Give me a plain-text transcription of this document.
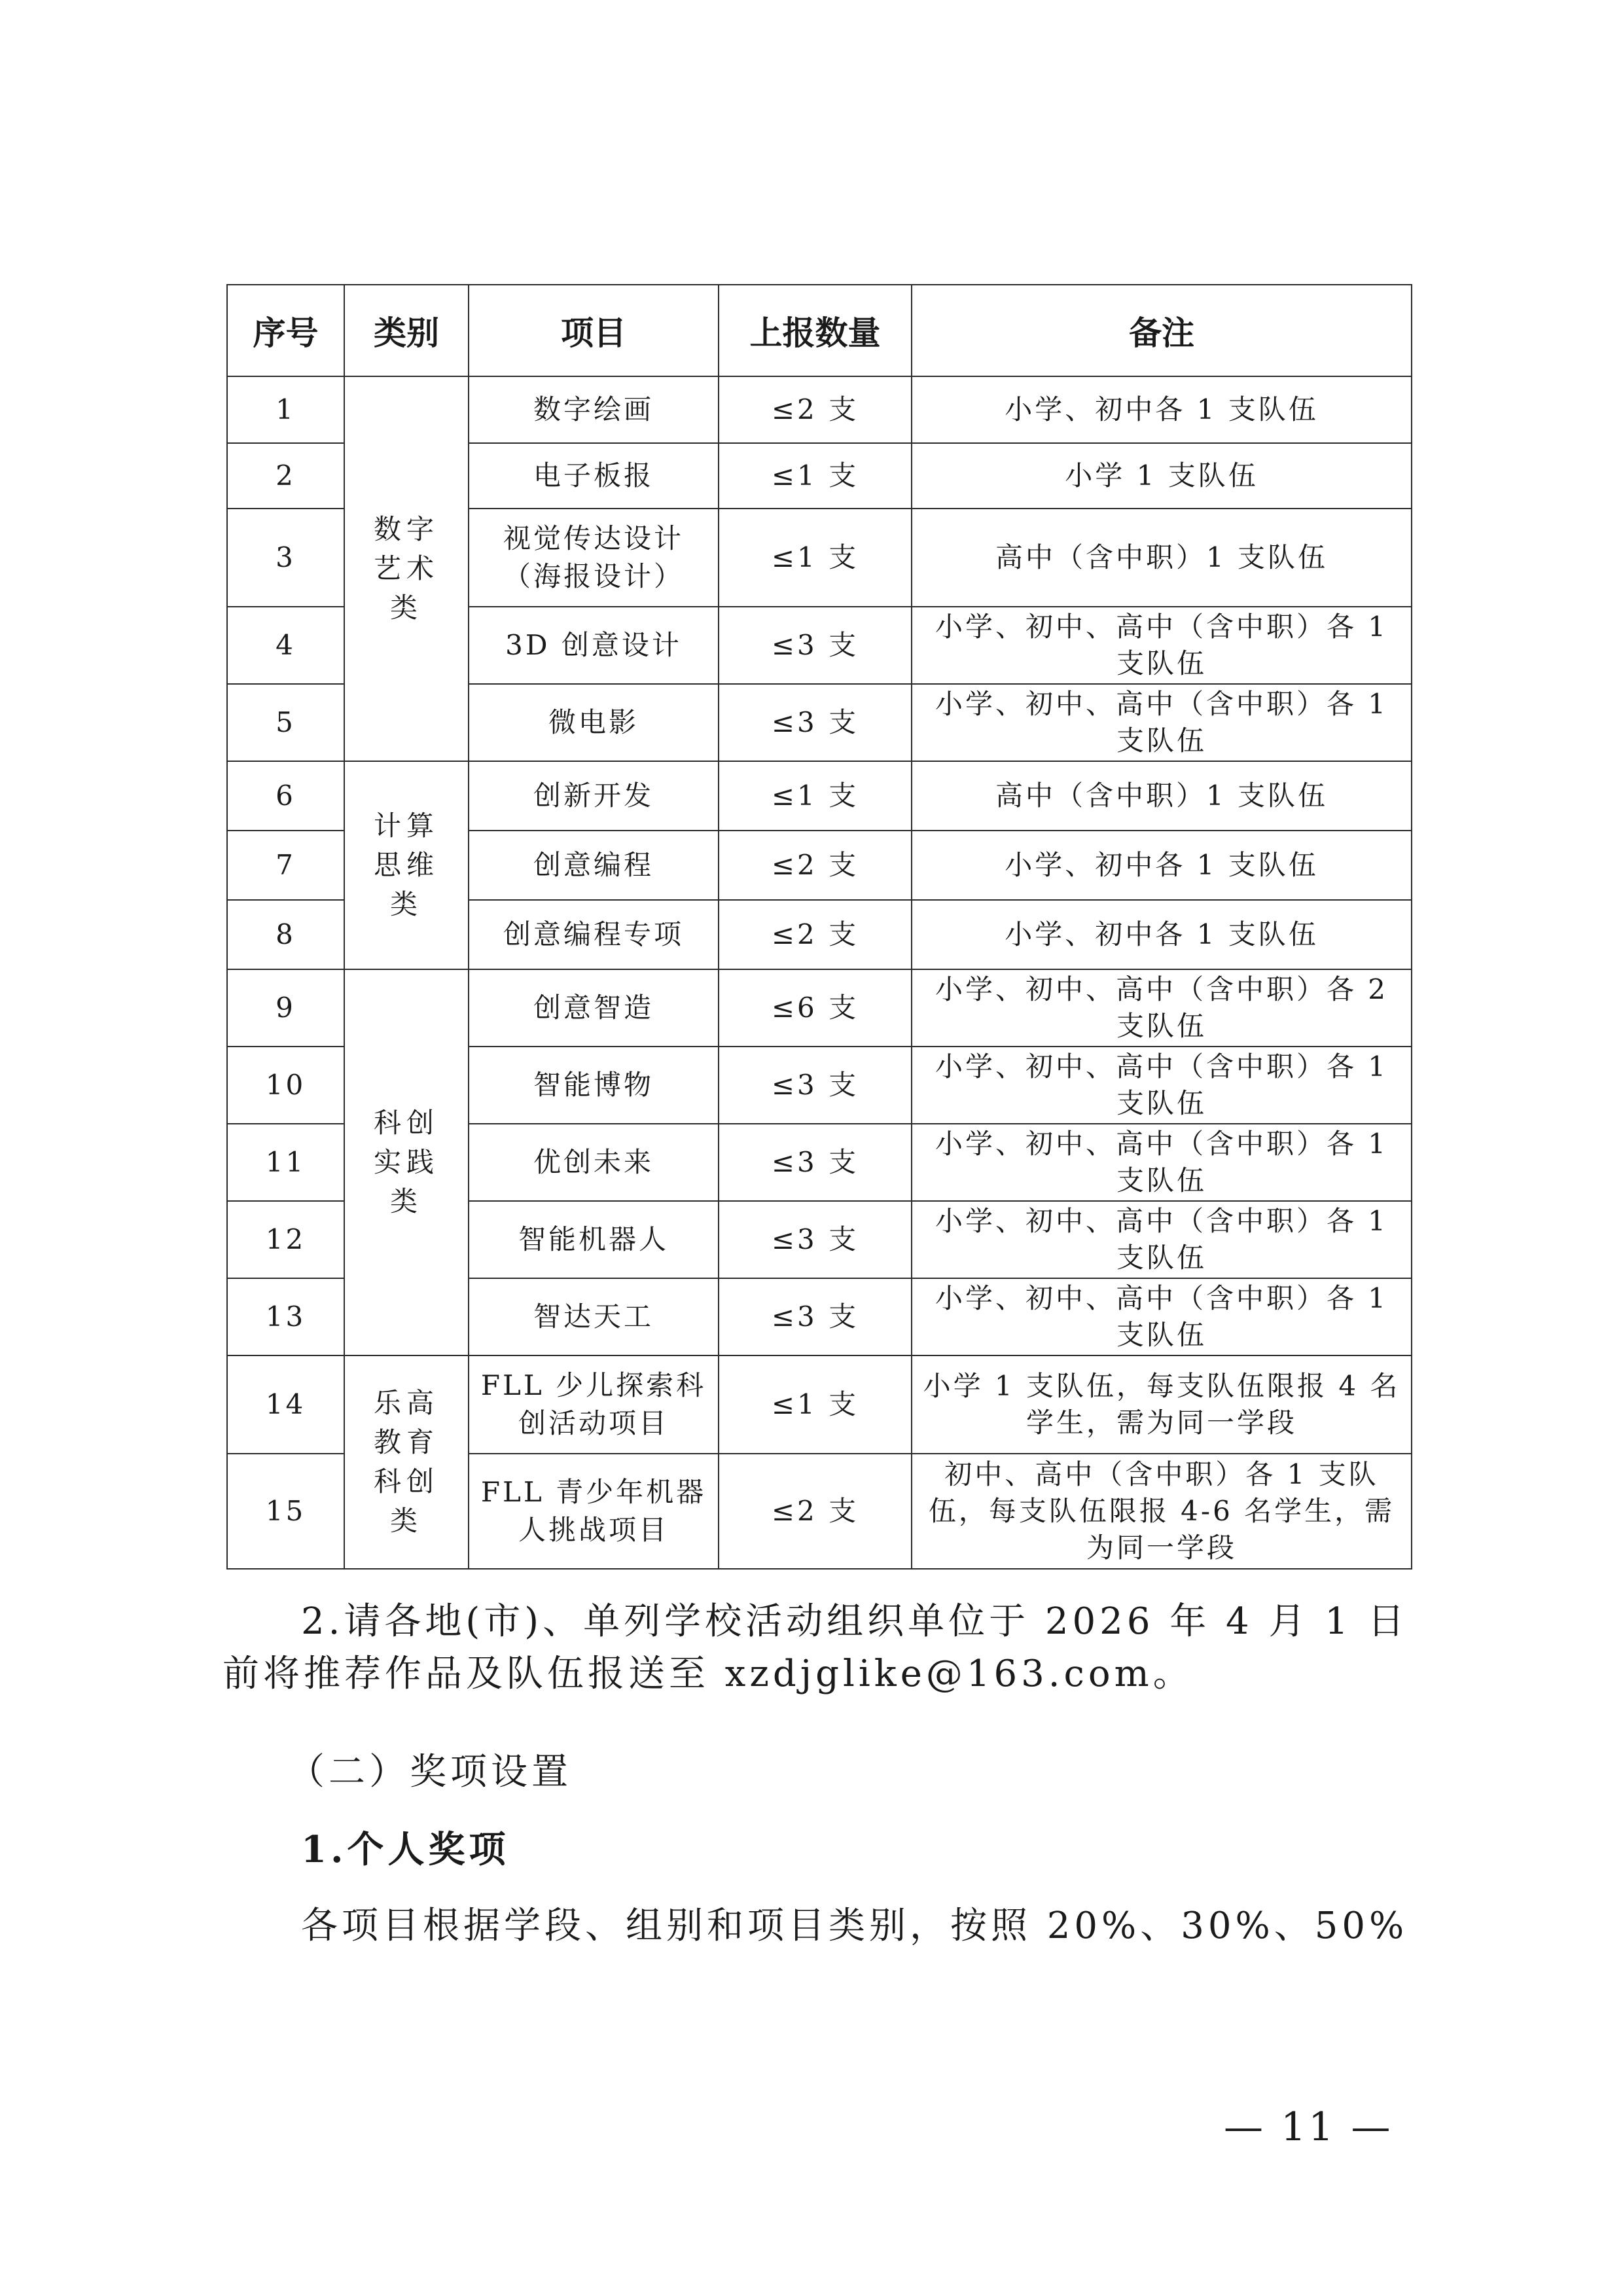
序号	类别	项目	上报数量	备注
1	数字艺术类	数字绘画	≤2 支	小学、初中各 1 支队伍
2		电子板报	≤1 支	小学 1 支队伍
3		视觉传达设计（海报设计）	≤1 支	高中（含中职）1 支队伍
4		3D 创意设计	≤3 支	小学、初中、高中（含中职）各 1 支队伍
5		微电影	≤3 支	小学、初中、高中（含中职）各 1 支队伍
6	计算思维类	创新开发	≤1 支	高中（含中职）1 支队伍
7		创意编程	≤2 支	小学、初中各 1 支队伍
8		创意编程专项	≤2 支	小学、初中各 1 支队伍
9	科创实践类	创意智造	≤6 支	小学、初中、高中（含中职）各 2 支队伍
10		智能博物	≤3 支	小学、初中、高中（含中职）各 1 支队伍
11		优创未来	≤3 支	小学、初中、高中（含中职）各 1 支队伍
12		智能机器人	≤3 支	小学、初中、高中（含中职）各 1 支队伍
13		智达天工	≤3 支	小学、初中、高中（含中职）各 1 支队伍
14	乐高教育科创类	FLL 少儿探索科创活动项目	≤1 支	小学 1 支队伍，每支队伍限报 4 名学生，需为同一学段
15		FLL 青少年机器人挑战项目	≤2 支	初中、高中（含中职）各 1 支队伍，每支队伍限报 4-6 名学生，需为同一学段

2.请各地(市)、单列学校活动组织单位于 2026 年 4 月 1 日前将推荐作品及队伍报送至 xzdjglike@163.com。

（二）奖项设置

1.个人奖项

各项目根据学段、组别和项目类别，按照 20%、30%、50%

— 11 —
